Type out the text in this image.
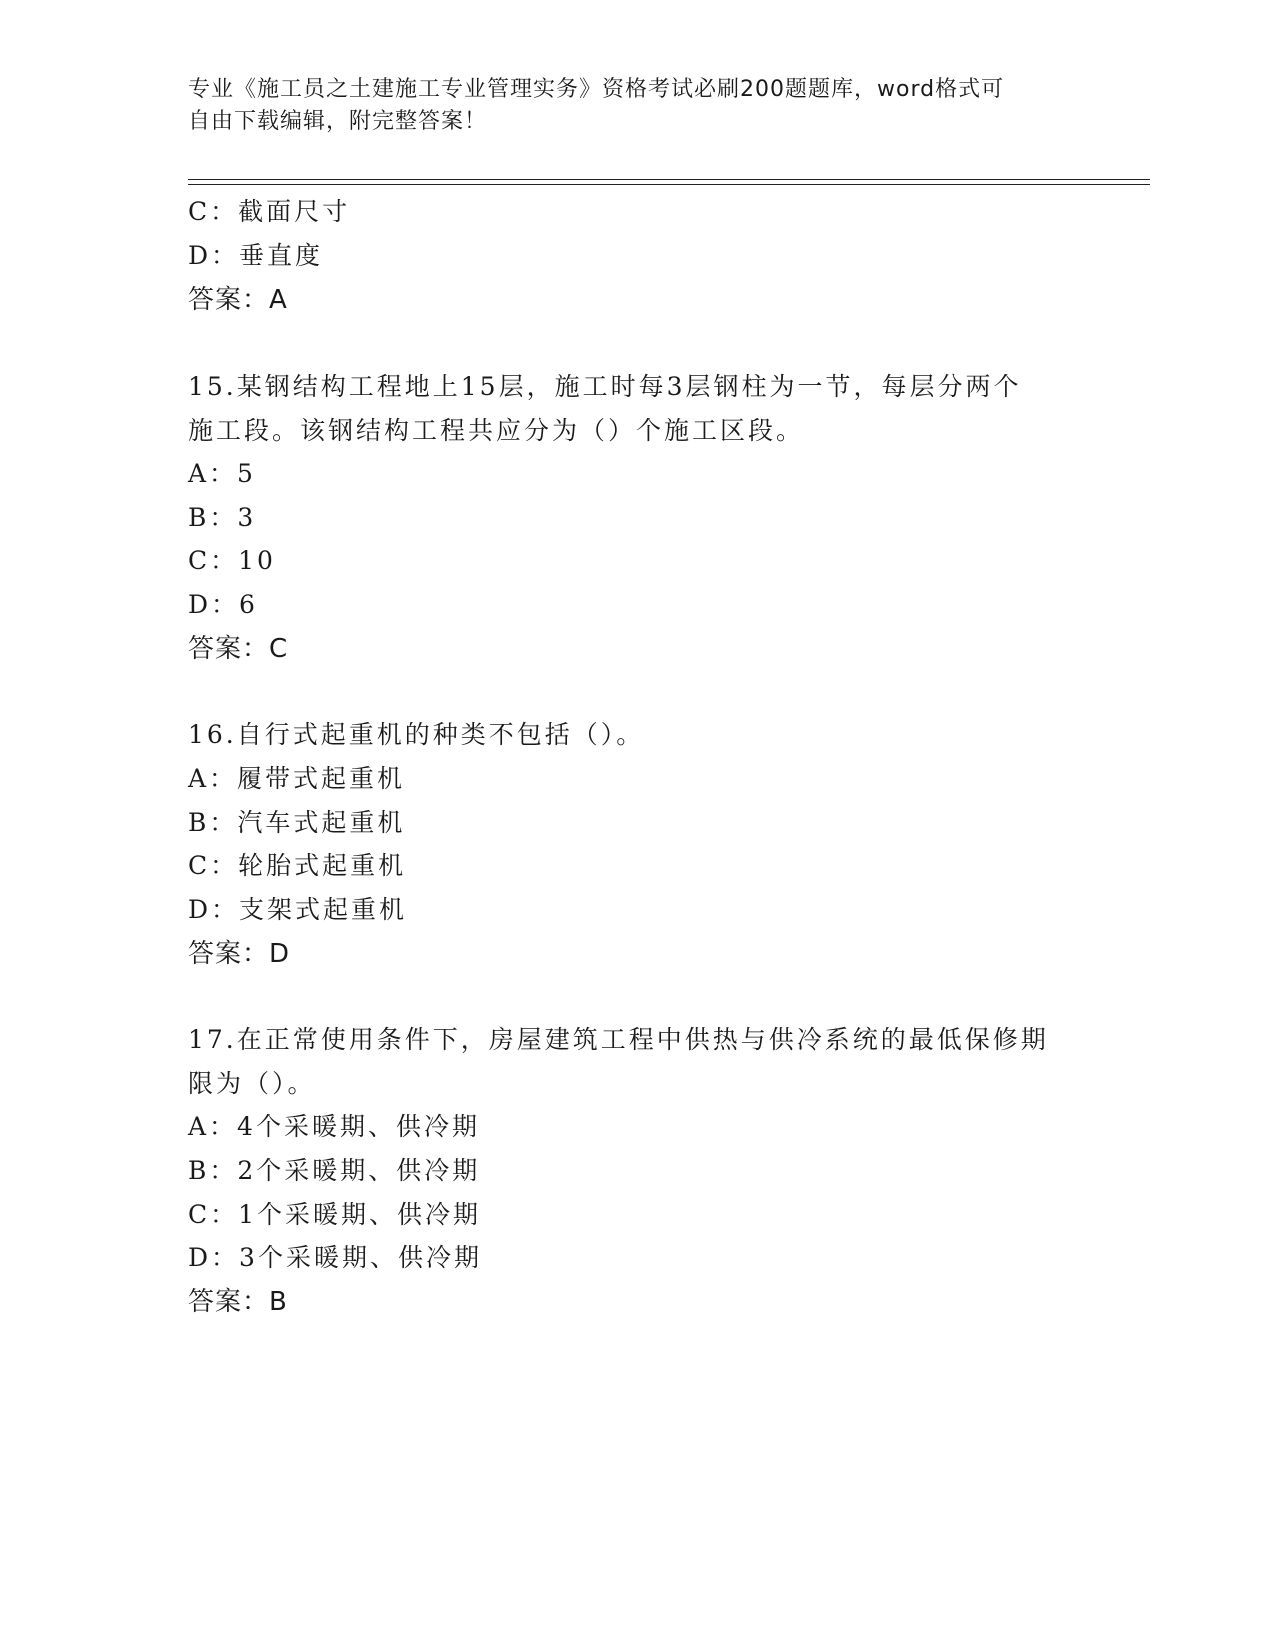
专业《施工员之土建施工专业管理实务》资格考试必刷200题题库，word格式可
自由下载编辑，附完整答案！
C：截面尺寸
D：垂直度
答案：A
15.某钢结构工程地上15层，施工时每3层钢柱为一节，每层分两个
施工段。该钢结构工程共应分为（）个施工区段。
A：5
B：3
C：10
D：6
答案：C
16.自行式起重机的种类不包括（）。
A：履带式起重机
B：汽车式起重机
C：轮胎式起重机
D：支架式起重机
答案：D
17.在正常使用条件下，房屋建筑工程中供热与供冷系统的最低保修期
限为（）。
A：4个采暖期、供冷期
B：2个采暖期、供冷期
C：1个采暖期、供冷期
D：3个采暖期、供冷期
答案：B
